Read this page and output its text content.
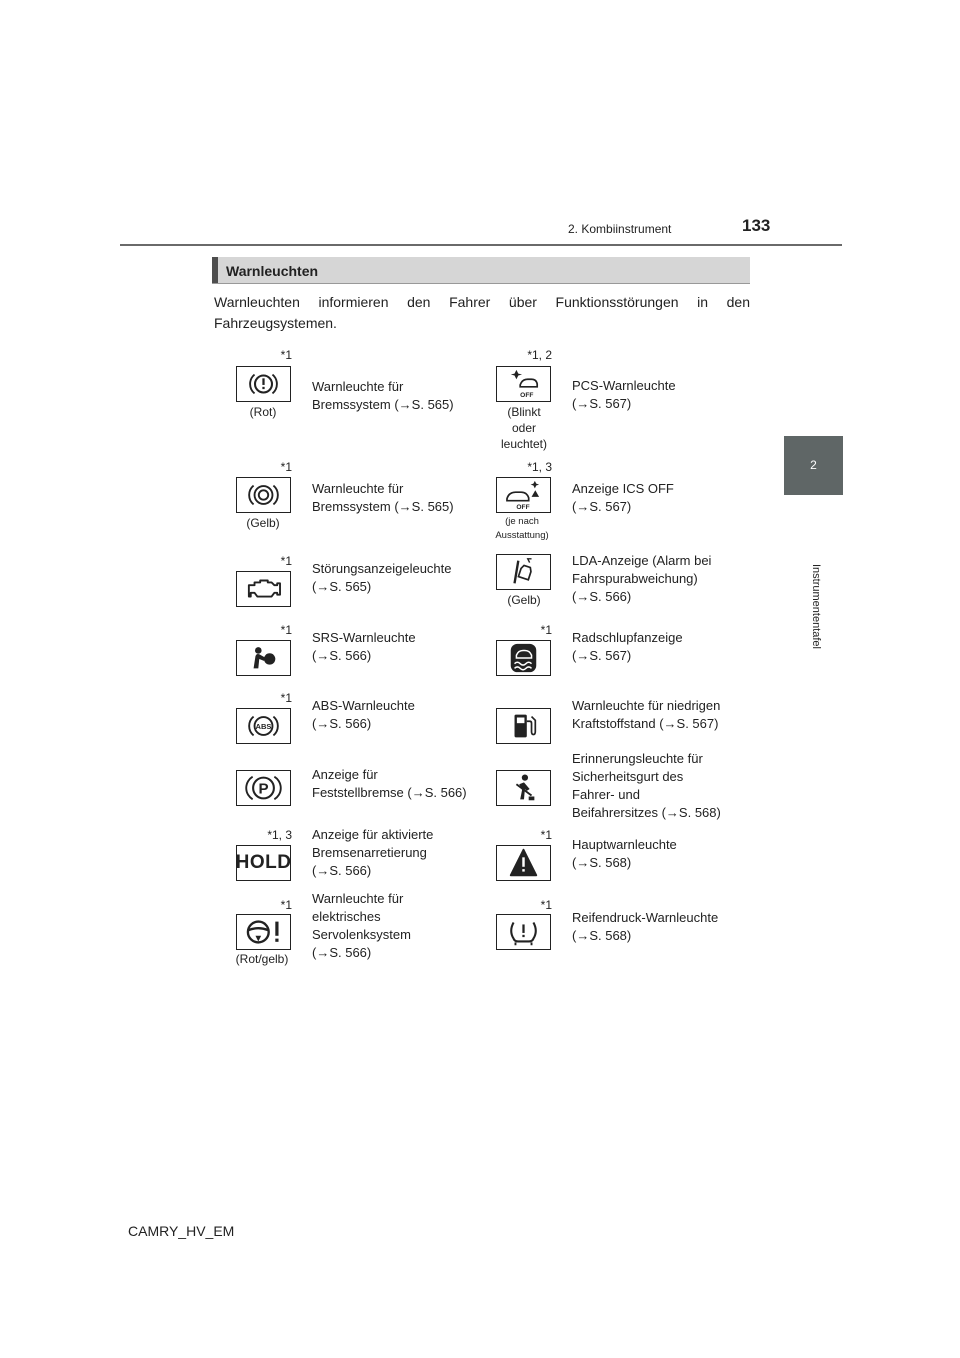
2. Kombiinstrument	133
2
Instrumententafel
Warnleuchten
Warnleuchten informieren den Fahrer über Funktionsstörungen in den Fahrzeugsystemen.
*1
(Rot)
Warnleuchte für
Bremssystem (→S. 565)
*1
(Gelb)
Warnleuchte für
Bremssystem (→S. 565)
*1 Störungsanzeigeleuchte
(→S. 565)
*1 SRS-Warnleuchte
(→S. 566)
*1
ABS
ABS-Warnleuchte
(→S. 566)
P
Anzeige für
Feststellbremse (→S. 566)
*1, 3
HOLD
Anzeige für aktivierte
Bremsenarretierung
(→S. 566)
*1
(Rot/gelb)
Warnleuchte für
elektrisches
Servolenksystem
(→S. 566)
*1, 2
OFF
(Blinkt
oder
leuchtet)
PCS-Warnleuchte
(→S. 567)
*1, 3
OFF
(je nach
Ausstattung)
Anzeige ICS OFF
(→S. 567)
(Gelb)
LDA-Anzeige (Alarm bei
Fahrspurabweichung)
(→S. 566)
*1 Radschlupfanzeige
(→S. 567)
Warnleuchte für niedrigen
Kraftstoffstand (→S. 567)
Erinnerungsleuchte für
Sicherheitsgurt des
Fahrer- und
Beifahrersitzes (→S. 568)
*1
Hauptwarnleuchte
(→S. 568)
*1
Reifendruck-Warnleuchte
(→S. 568)
CAMRY_HV_EM
